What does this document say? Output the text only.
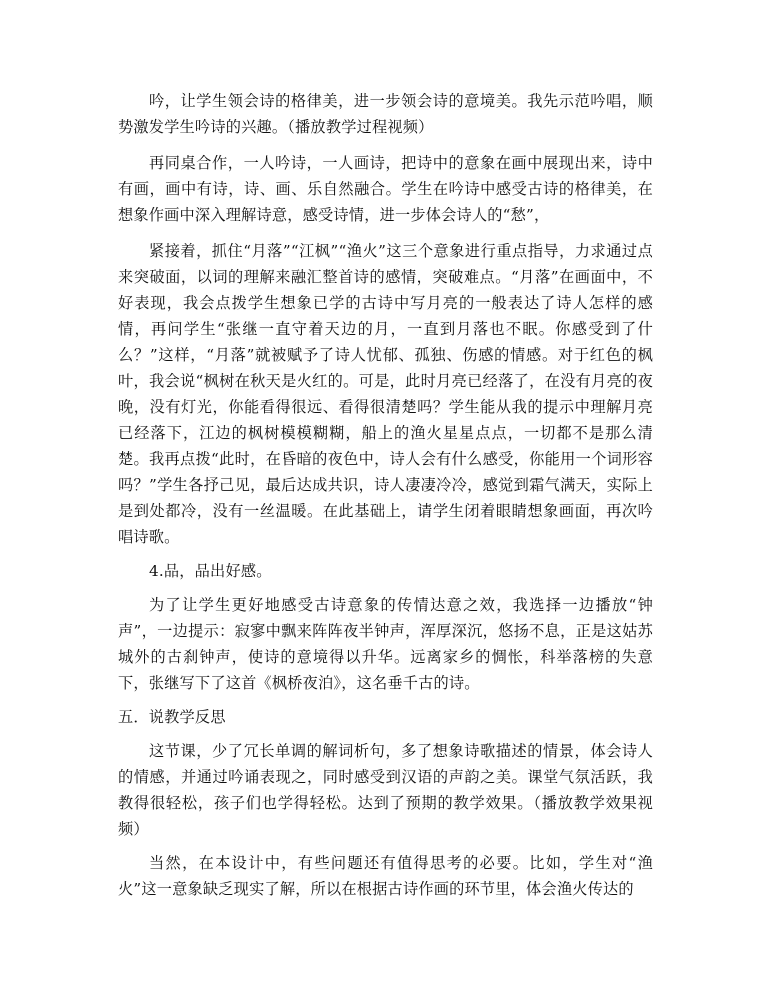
吟，让学生领会诗的格律美，进一步领会诗的意境美。我先示范吟唱，顺势激发学生吟诗的兴趣。（播放教学过程视频）

再同桌合作，一人吟诗，一人画诗，把诗中的意象在画中展现出来，诗中有画，画中有诗，诗、画、乐自然融合。学生在吟诗中感受古诗的格律美，在想象作画中深入理解诗意，感受诗情，进一步体会诗人的“愁”，

紧接着，抓住“月落”“江枫”“渔火”这三个意象进行重点指导，力求通过点来突破面，以词的理解来融汇整首诗的感情，突破难点。“月落”在画面中，不好表现，我会点拨学生想象已学的古诗中写月亮的一般表达了诗人怎样的感情，再问学生“张继一直守着天边的月，一直到月落也不眠。你感受到了什么？”这样，“月落”就被赋予了诗人忧郁、孤独、伤感的情感。对于红色的枫叶，我会说“枫树在秋天是火红的。可是，此时月亮已经落了，在没有月亮的夜晚，没有灯光，你能看得很远、看得很清楚吗？学生能从我的提示中理解月亮已经落下，江边的枫树模模糊糊，船上的渔火星星点点，一切都不是那么清楚。我再点拨“此时，在昏暗的夜色中，诗人会有什么感受，你能用一个词形容吗？”学生各抒己见，最后达成共识，诗人凄凄冷冷，感觉到霜气满天，实际上是到处都冷，没有一丝温暖。在此基础上，请学生闭着眼睛想象画面，再次吟唱诗歌。

4.品，品出好感。

为了让学生更好地感受古诗意象的传情达意之效，我选择一边播放“钟声”，一边提示：寂寥中飘来阵阵夜半钟声，浑厚深沉，悠扬不息，正是这姑苏城外的古刹钟声，使诗的意境得以升华。远离家乡的惆怅，科举落榜的失意下，张继写下了这首《枫桥夜泊》，这名垂千古的诗。

五．说教学反思

这节课，少了冗长单调的解词析句，多了想象诗歌描述的情景，体会诗人的情感，并通过吟诵表现之，同时感受到汉语的声韵之美。课堂气氛活跃，我教得很轻松，孩子们也学得轻松。达到了预期的教学效果。（播放教学效果视频）

当然，在本设计中，有些问题还有值得思考的必要。比如，学生对“渔火”这一意象缺乏现实了解，所以在根据古诗作画的环节里，体会渔火传达的
